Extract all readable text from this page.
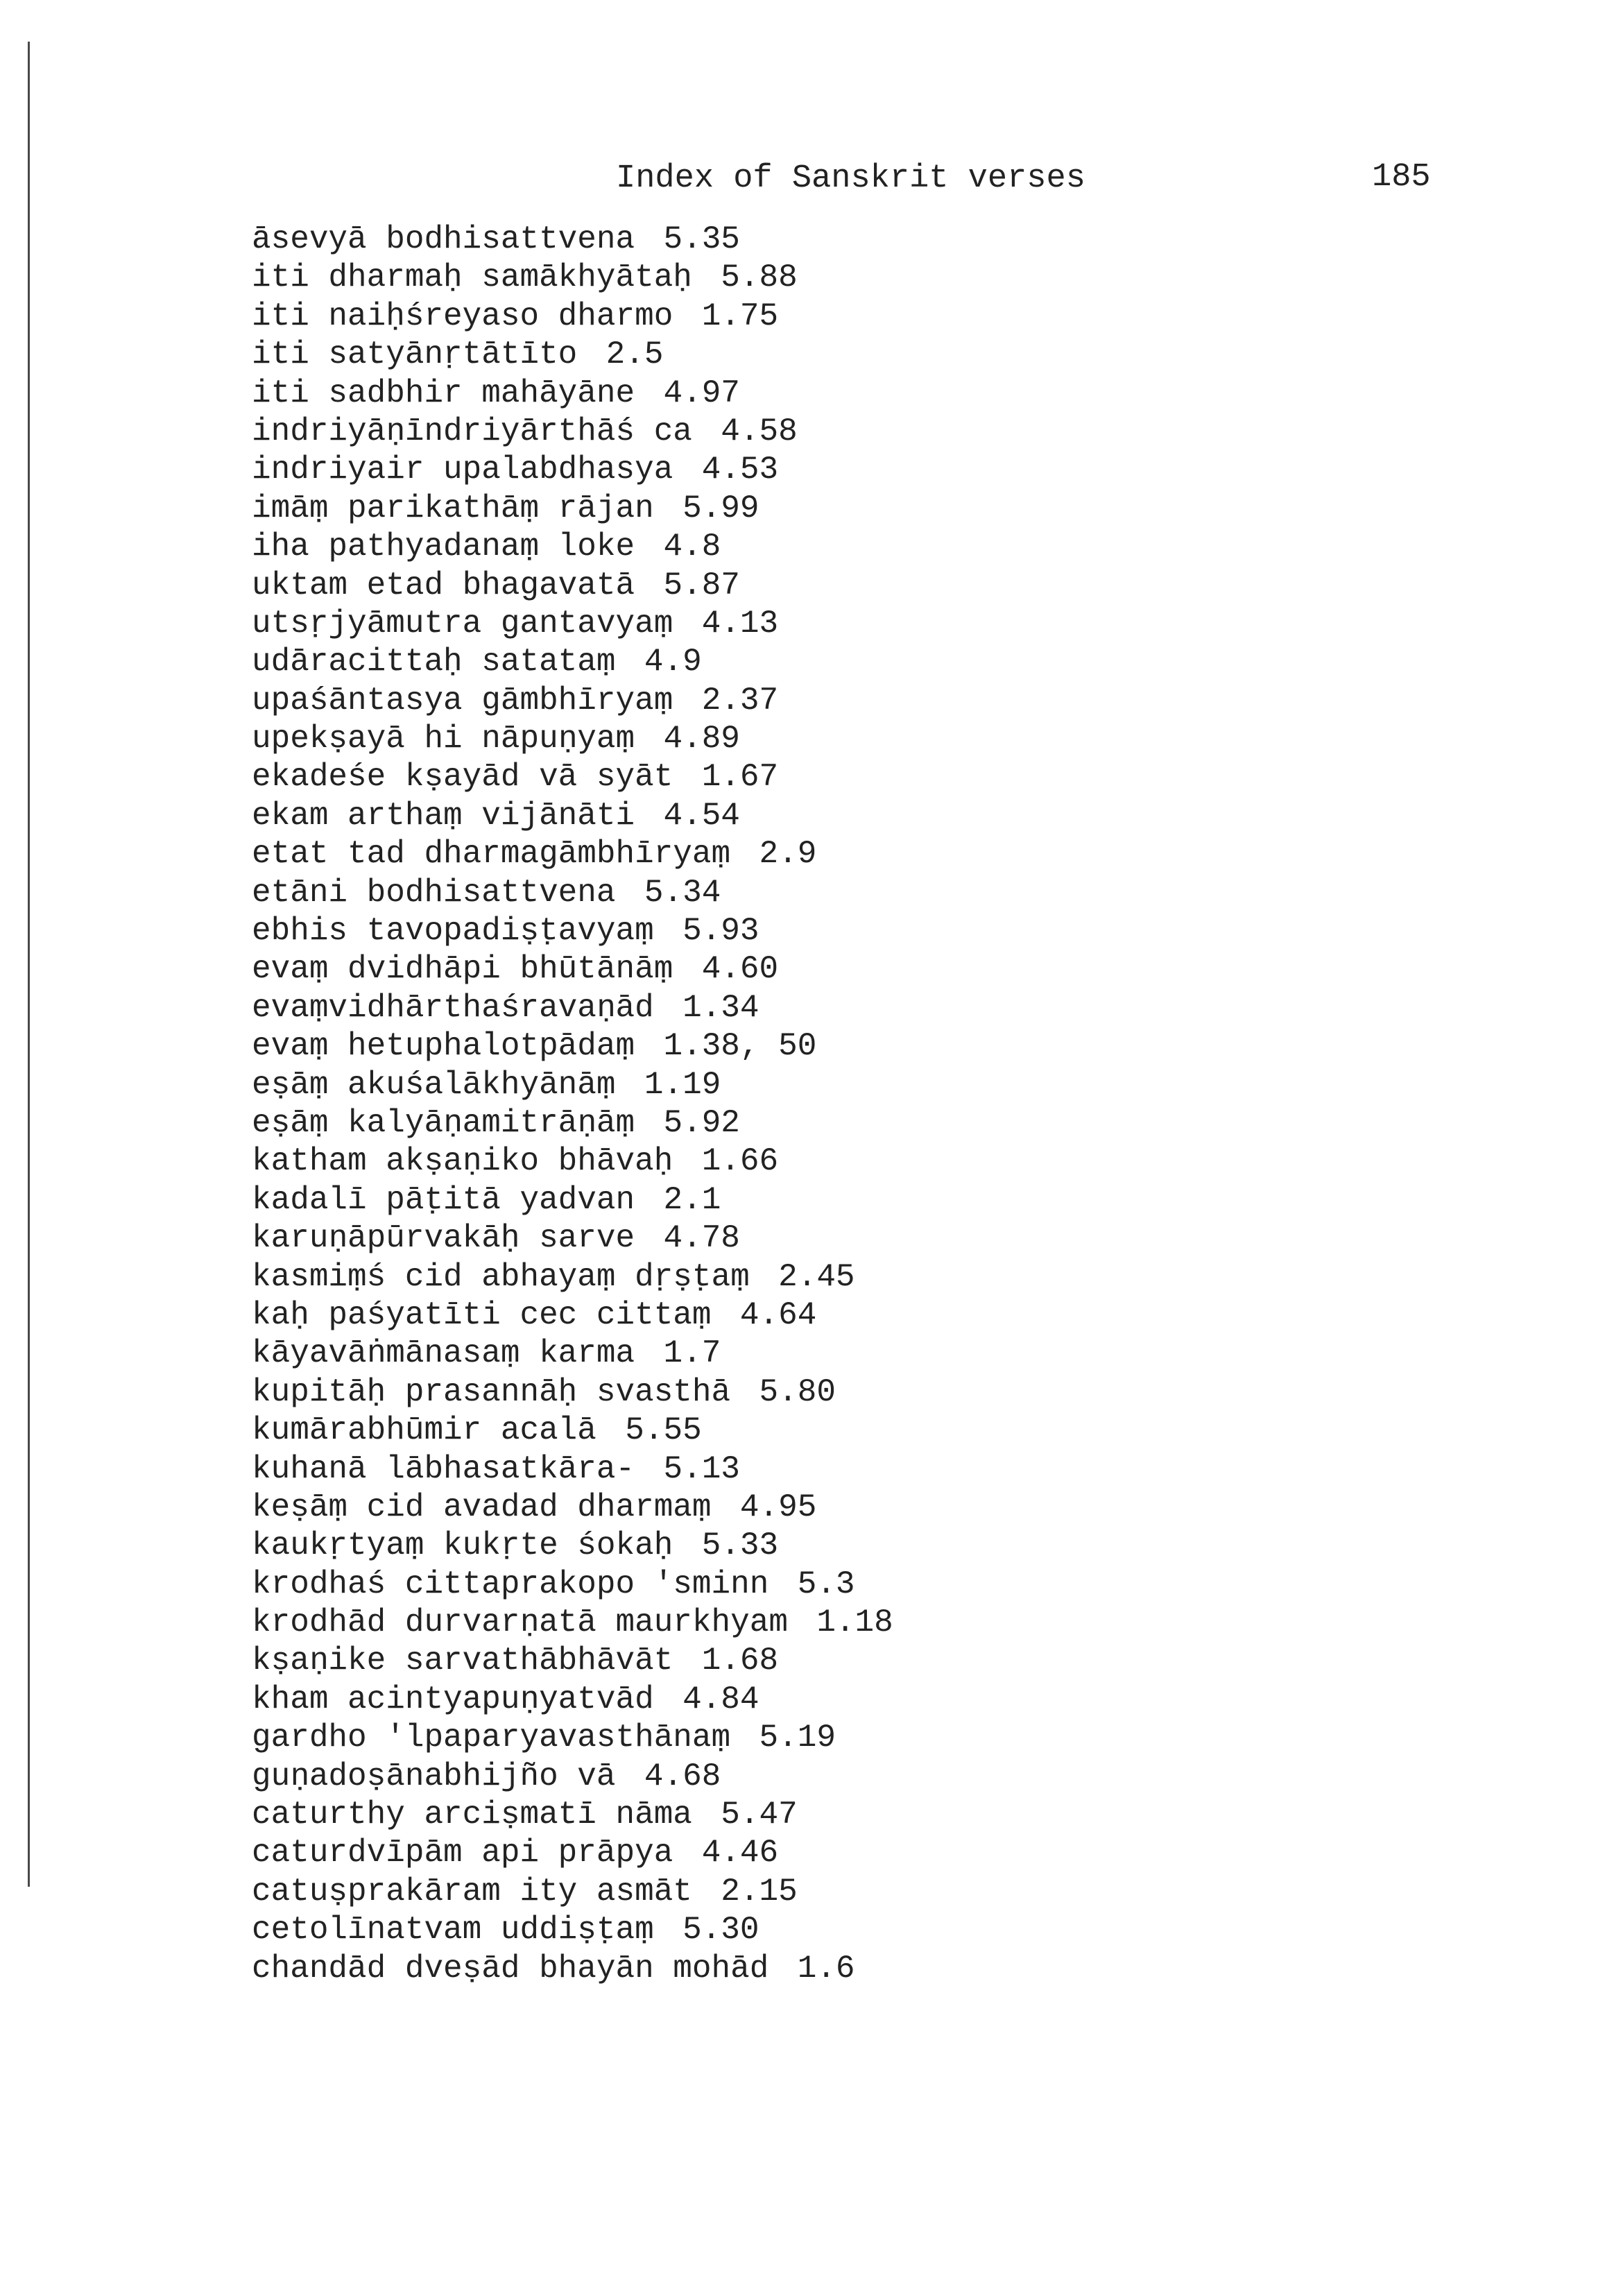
Index of Sanskrit verses	185
āsevyā bodhisattvena 5.35
iti dharmaḥ samākhyātaḥ 5.88
iti naiḥśreyaso dharmo 1.75
iti satyānṛtātīto 2.5
iti sadbhir mahāyāne 4.97
indriyāṇīndriyārthāś ca 4.58
indriyair upalabdhasya 4.53
imāṃ parikathāṃ rājan 5.99
iha pathyadanaṃ loke 4.8
uktam etad bhagavatā 5.87
utsṛjyāmutra gantavyaṃ 4.13
udāracittaḥ satataṃ 4.9
upaśāntasya gāmbhīryaṃ 2.37
upekṣayā hi nāpuṇyaṃ 4.89
ekadeśe kṣayād vā syāt 1.67
ekam arthaṃ vijānāti 4.54
etat tad dharmagāmbhīryaṃ 2.9
etāni bodhisattvena 5.34
ebhis tavopadiṣṭavyaṃ 5.93
evaṃ dvidhāpi bhūtānāṃ 4.60
evaṃvidhārthaśravaṇād 1.34
evaṃ hetuphalotpādaṃ 1.38, 50
eṣāṃ akuśalākhyānāṃ 1.19
eṣāṃ kalyāṇamitrāṇāṃ 5.92
katham akṣaṇiko bhāvaḥ 1.66
kadalī pāṭitā yadvan 2.1
karuṇāpūrvakāḥ sarve 4.78
kasmiṃś cid abhayaṃ dṛṣṭaṃ 2.45
kaḥ paśyatīti cec cittaṃ 4.64
kāyavāṅmānasaṃ karma 1.7
kupitāḥ prasannāḥ svasthā 5.80
kumārabhūmir acalā 5.55
kuhanā lābhasatkāra- 5.13
keṣāṃ cid avadad dharmaṃ 4.95
kaukṛtyaṃ kukṛte śokaḥ 5.33
krodhaś cittaprakopo 'sminn 5.3
krodhād durvarṇatā maurkhyam 1.18
kṣaṇike sarvathābhāvāt 1.68
kham acintyapuṇyatvād 4.84
gardho 'lpaparyavasthānaṃ 5.19
guṇadoṣānabhijño vā 4.68
caturthy arciṣmatī nāma 5.47
caturdvīpām api prāpya 4.46
catuṣprakāram ity asmāt 2.15
cetolīnatvam uddiṣṭaṃ 5.30
chandād dveṣād bhayān mohād 1.6
